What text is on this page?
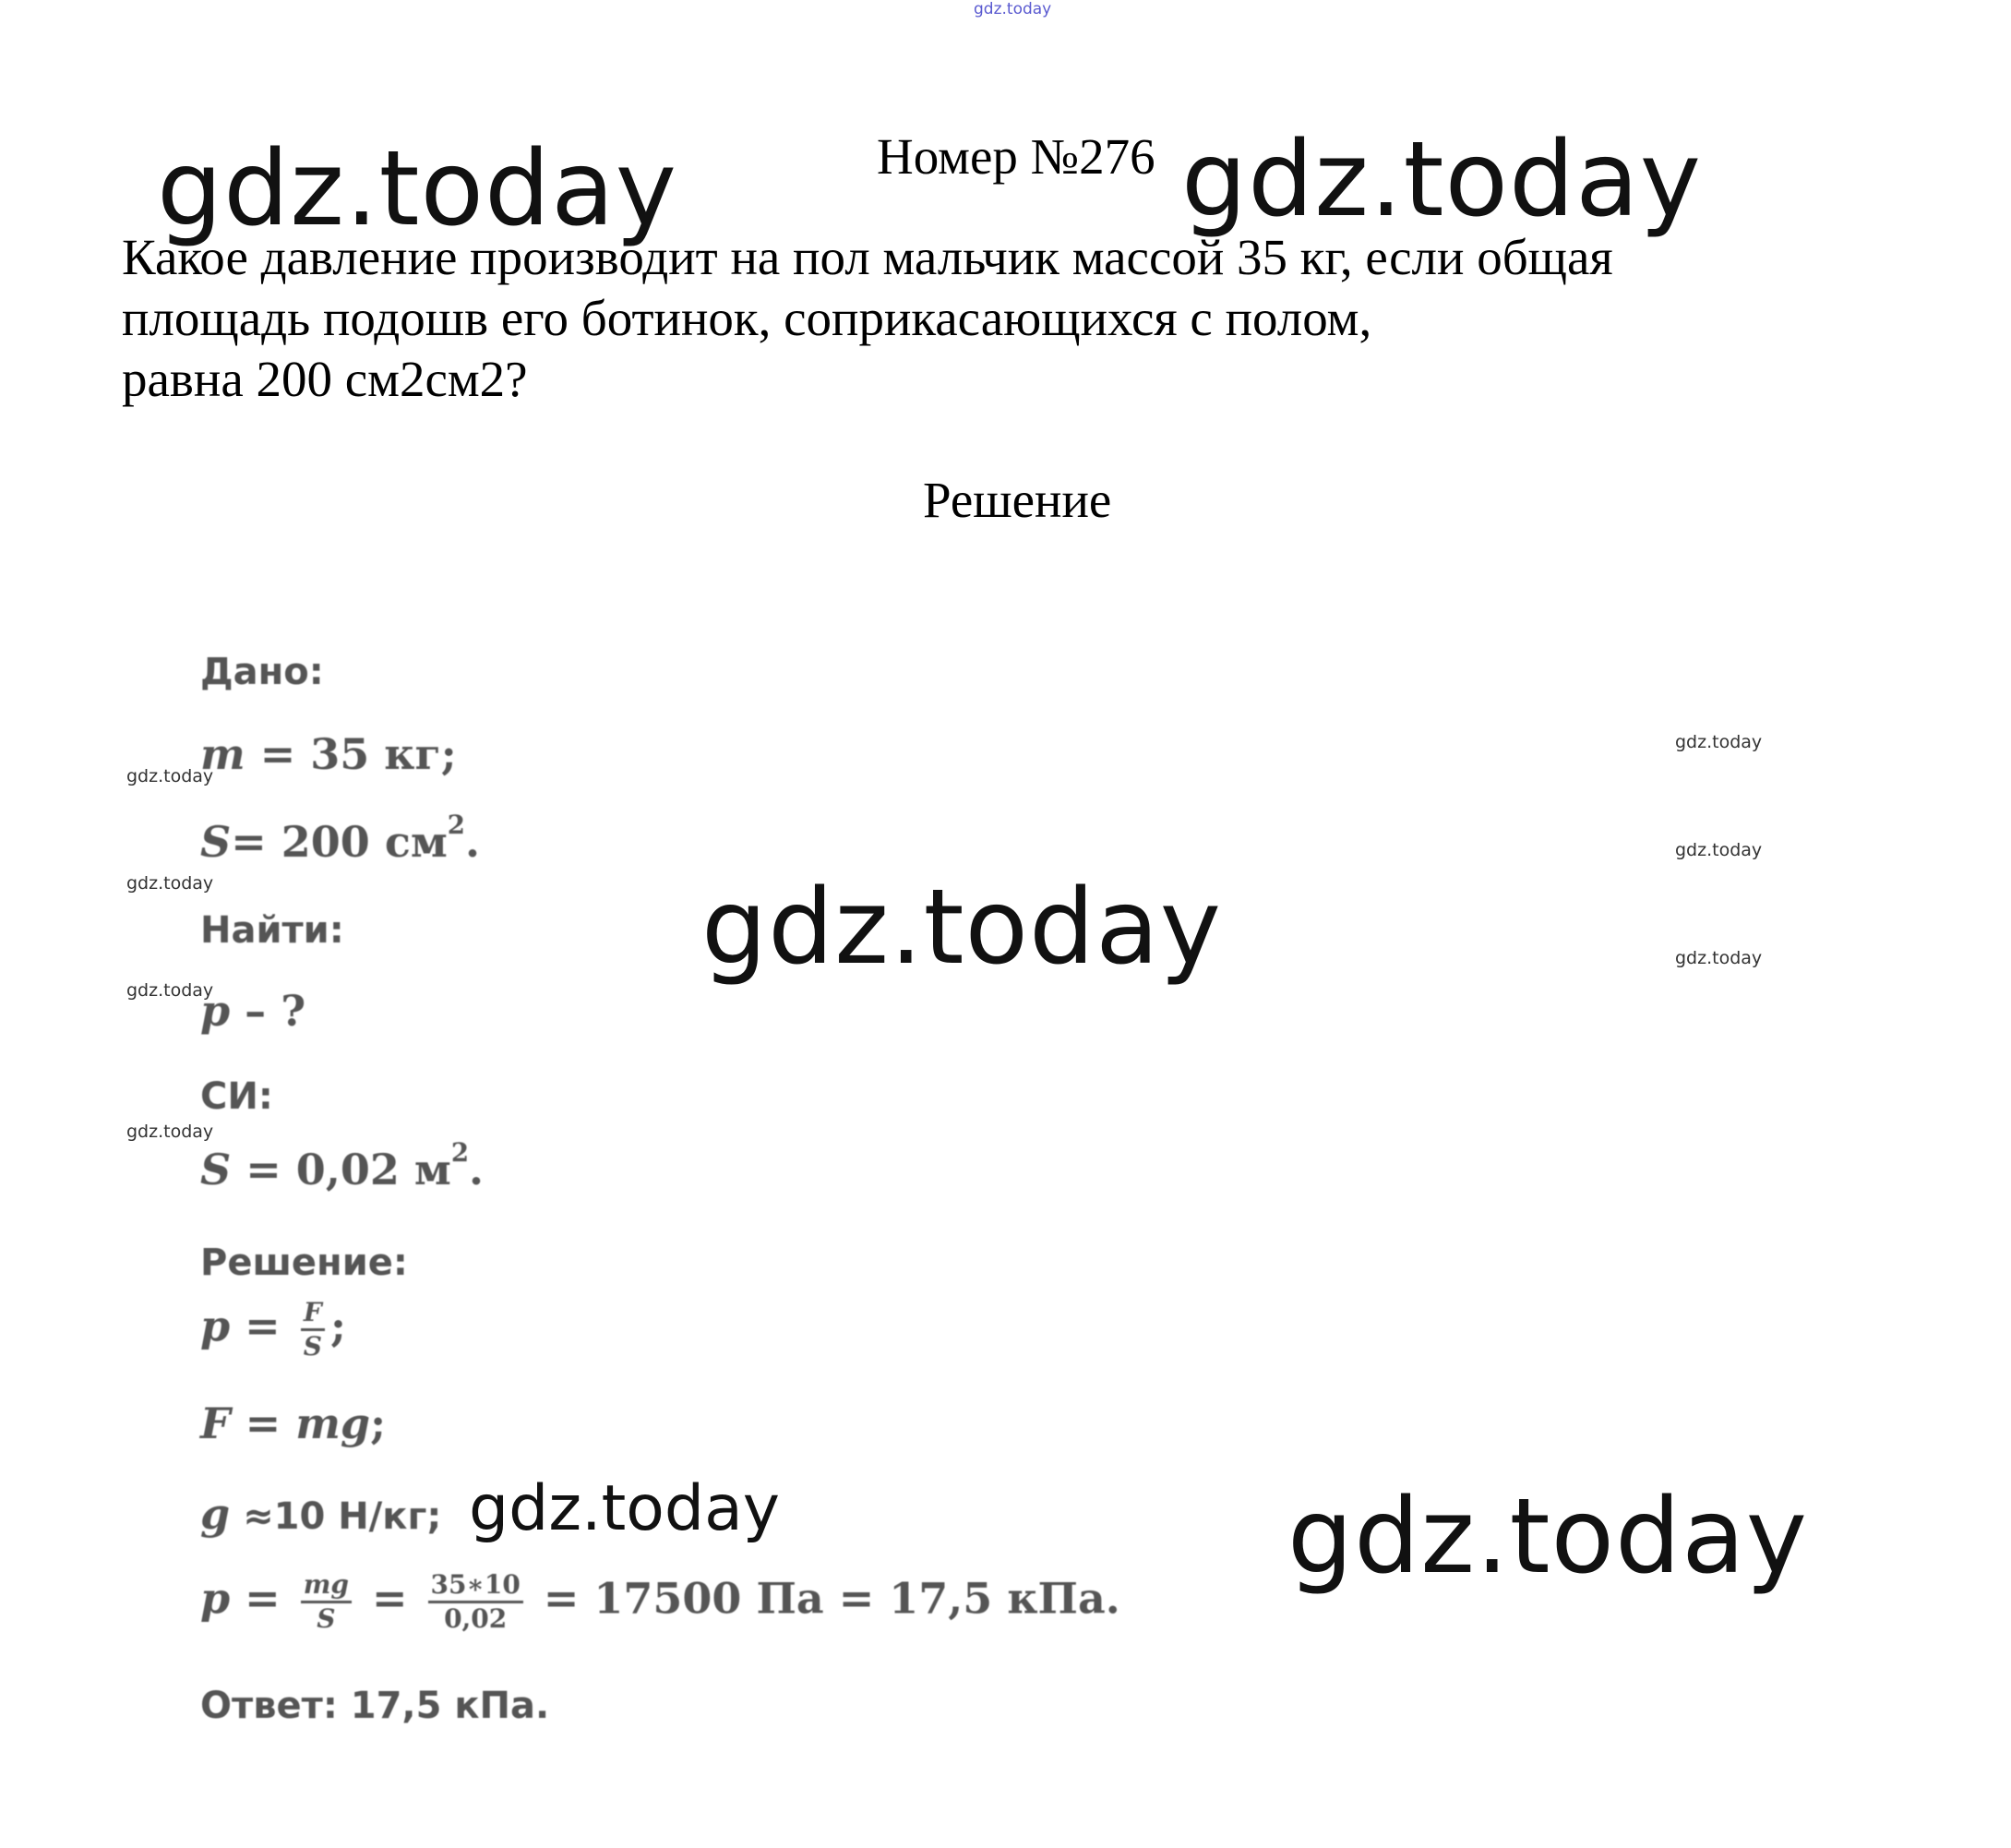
gdz.today
gdz.today	Номер №276 gdz.today
Какое давление производит на пол мальчик массой 35 кг, если общая
площадь подошв его ботинок, соприкасающихся с полом,
равна 200 см2см2?
Решение
gdz.today
gdz.today
gdz.today
gdz.today
gdz.today
gdz.today
gdz.today
gdz.today
gdz.today	gdz.today
Дано:
m = 35 кг;
S= 200 $см^2$.
Найти:
p – ?
СИ:
S = 0,02 $м^2$.
Решение:
$p = \frac{F}{S}$ ;
F = mg;
g ≈10 Н/кг;
$p = \frac{mg}{S} = \frac{35∗10}{0,02} = 17500$ Па = 17,5 кПа.
Ответ: 17,5 кПа.
